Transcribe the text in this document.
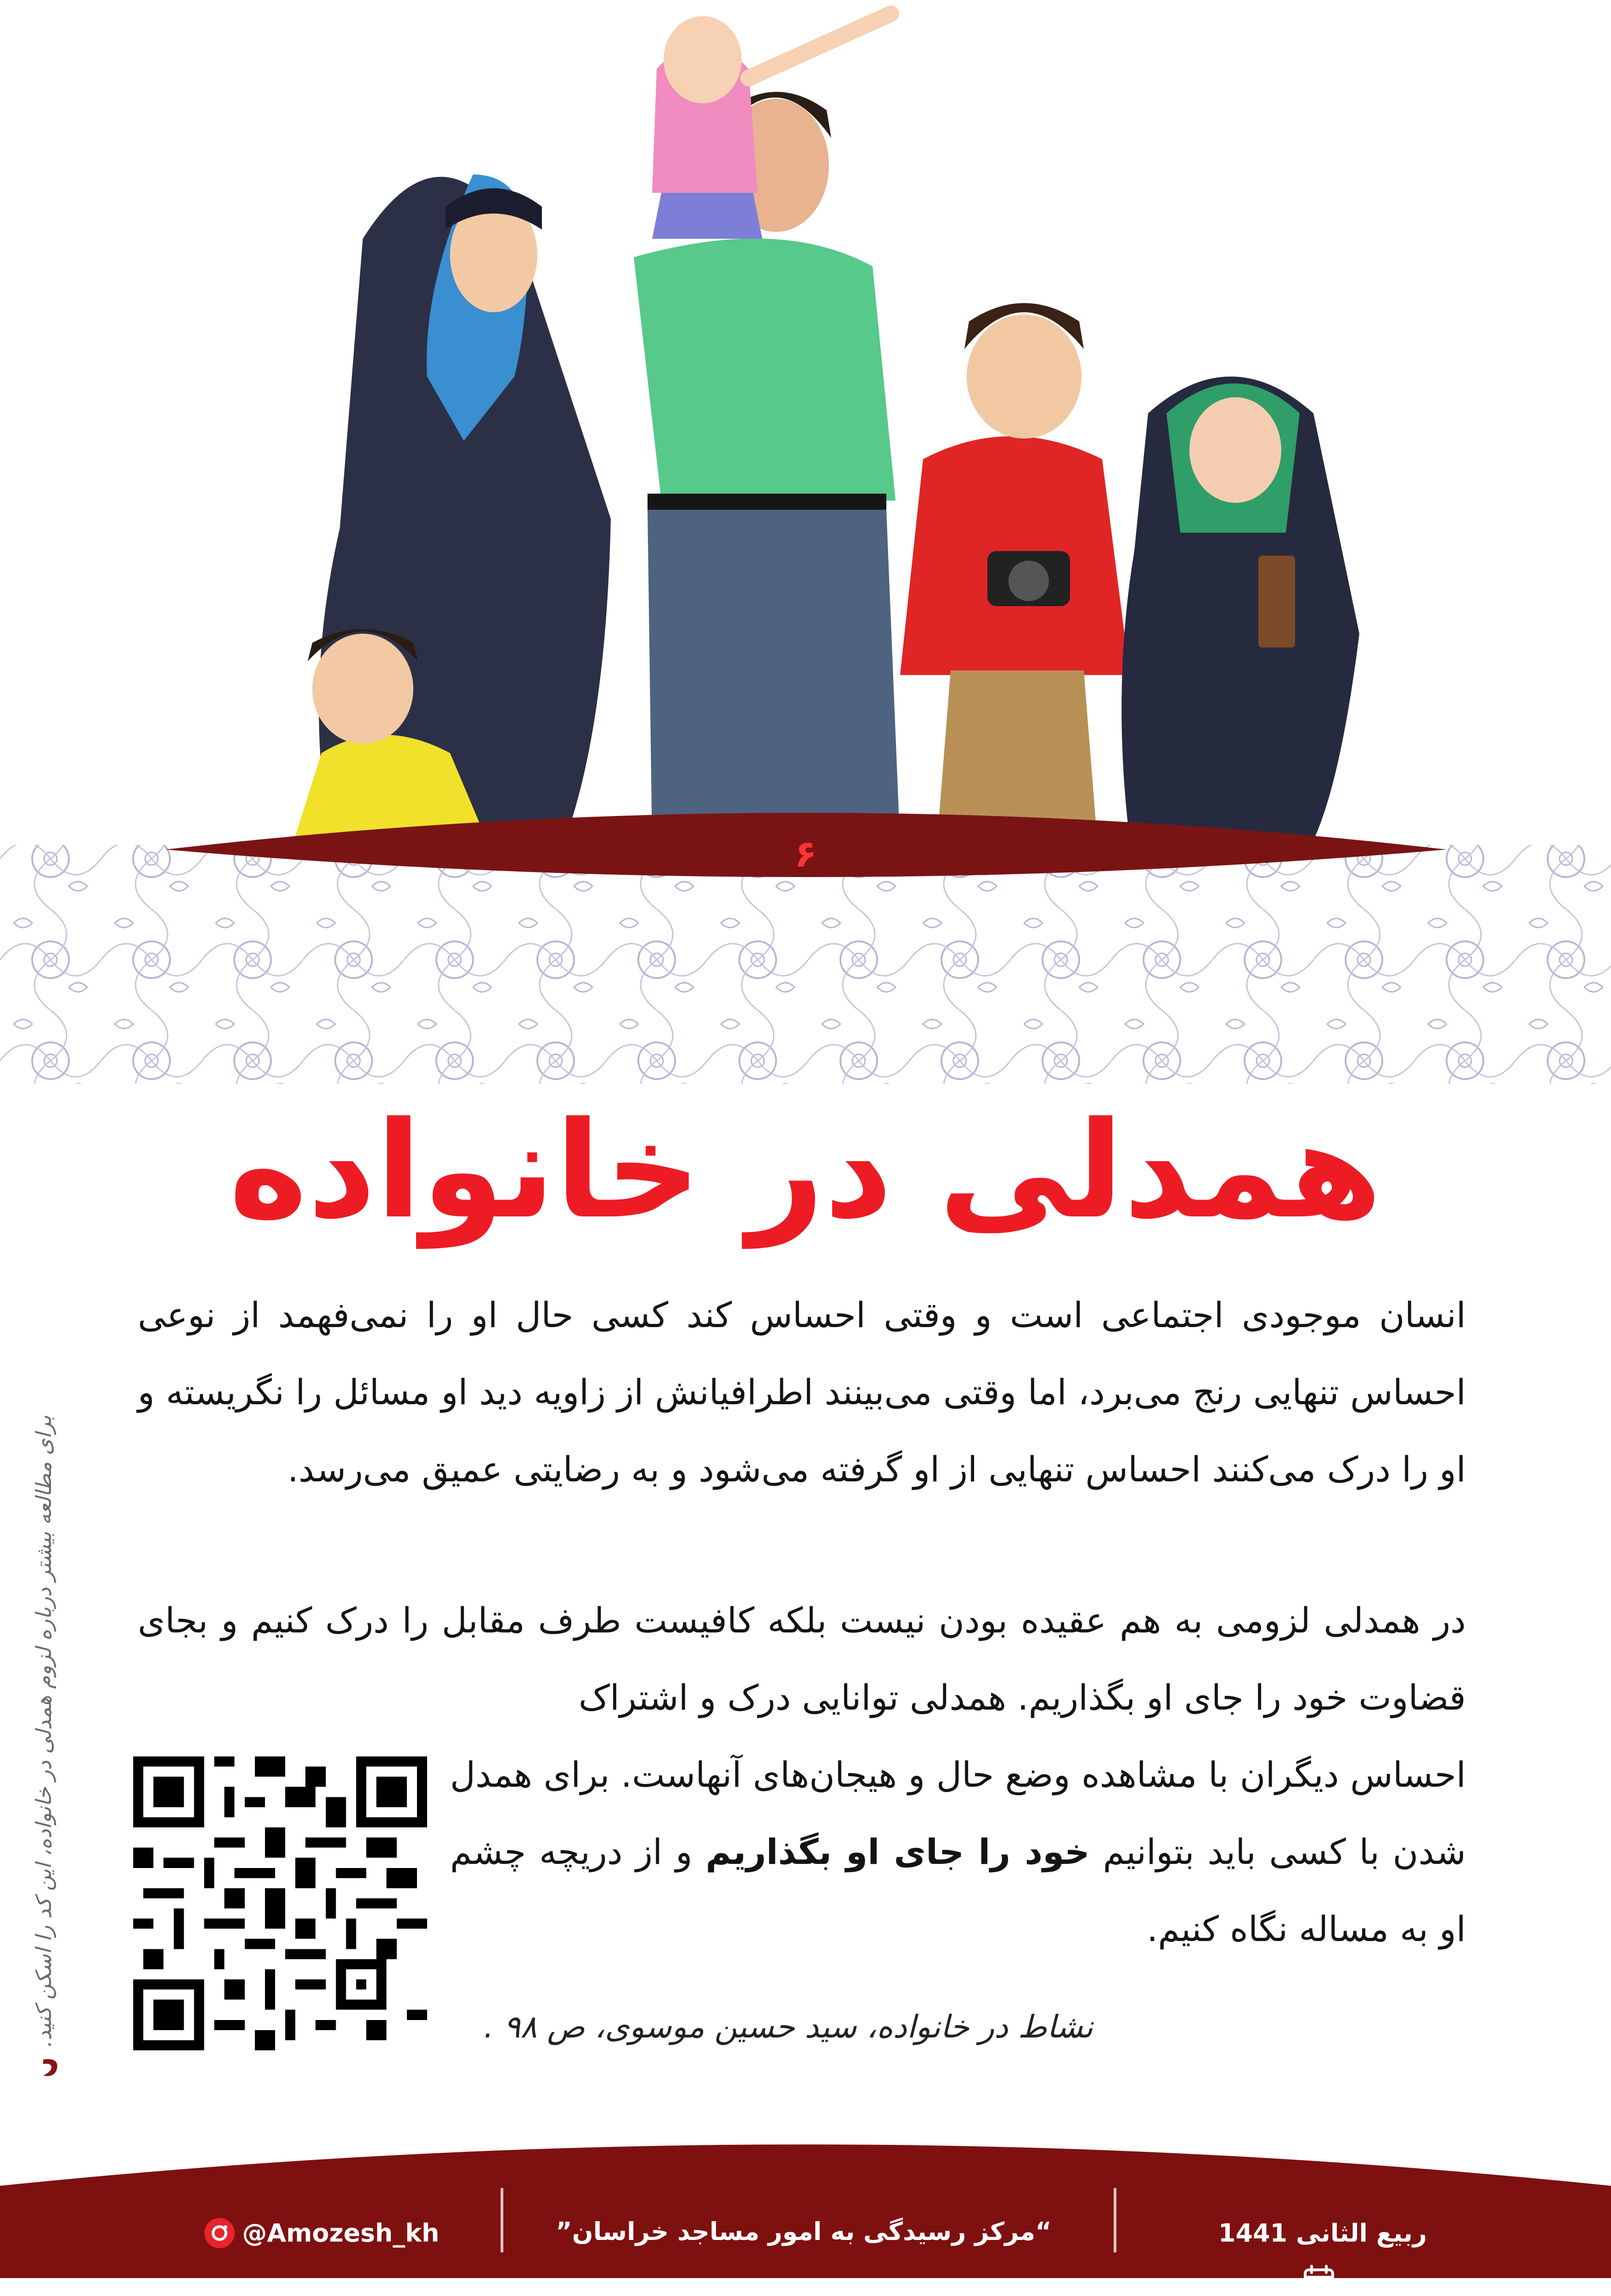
۶
همدلی در خانواده

انسان موجودی اجتماعی است و وقتی احساس کند کسی حال او را نمی‌فهمد از نوعی احساس تنهایی رنج می‌برد، اما وقتی می‌بینند اطرافیانش از زاویه دید او مسائل را نگریسته و او را درک می‌کنند احساس تنهایی از او گرفته می‌شود و به رضایتی عمیق می‌رسد.

در همدلی لزومی به هم عقیده بودن نیست بلکه کافیست طرف مقابل را درک کنیم و بجای قضاوت خود را جای او بگذاریم. همدلی توانایی درک و اشتراک

احساس دیگران با مشاهده وضع حال و هیجان‌های آنهاست. برای همدل شدن با کسی باید بتوانیم خود را جای او بگذاریم و از دریچه چشم او به مساله نگاه کنیم.

نشاط در خانواده، سید حسین موسوی، ص ۹۸ .
برای مطالعه بیشتر درباره لزوم همدلی در خانواده، این کد را اسکن کنید.
@Amozesh_kh	“مرکز رسیدگی به امور مساجد خراسان”	ربیع الثانی 1441
